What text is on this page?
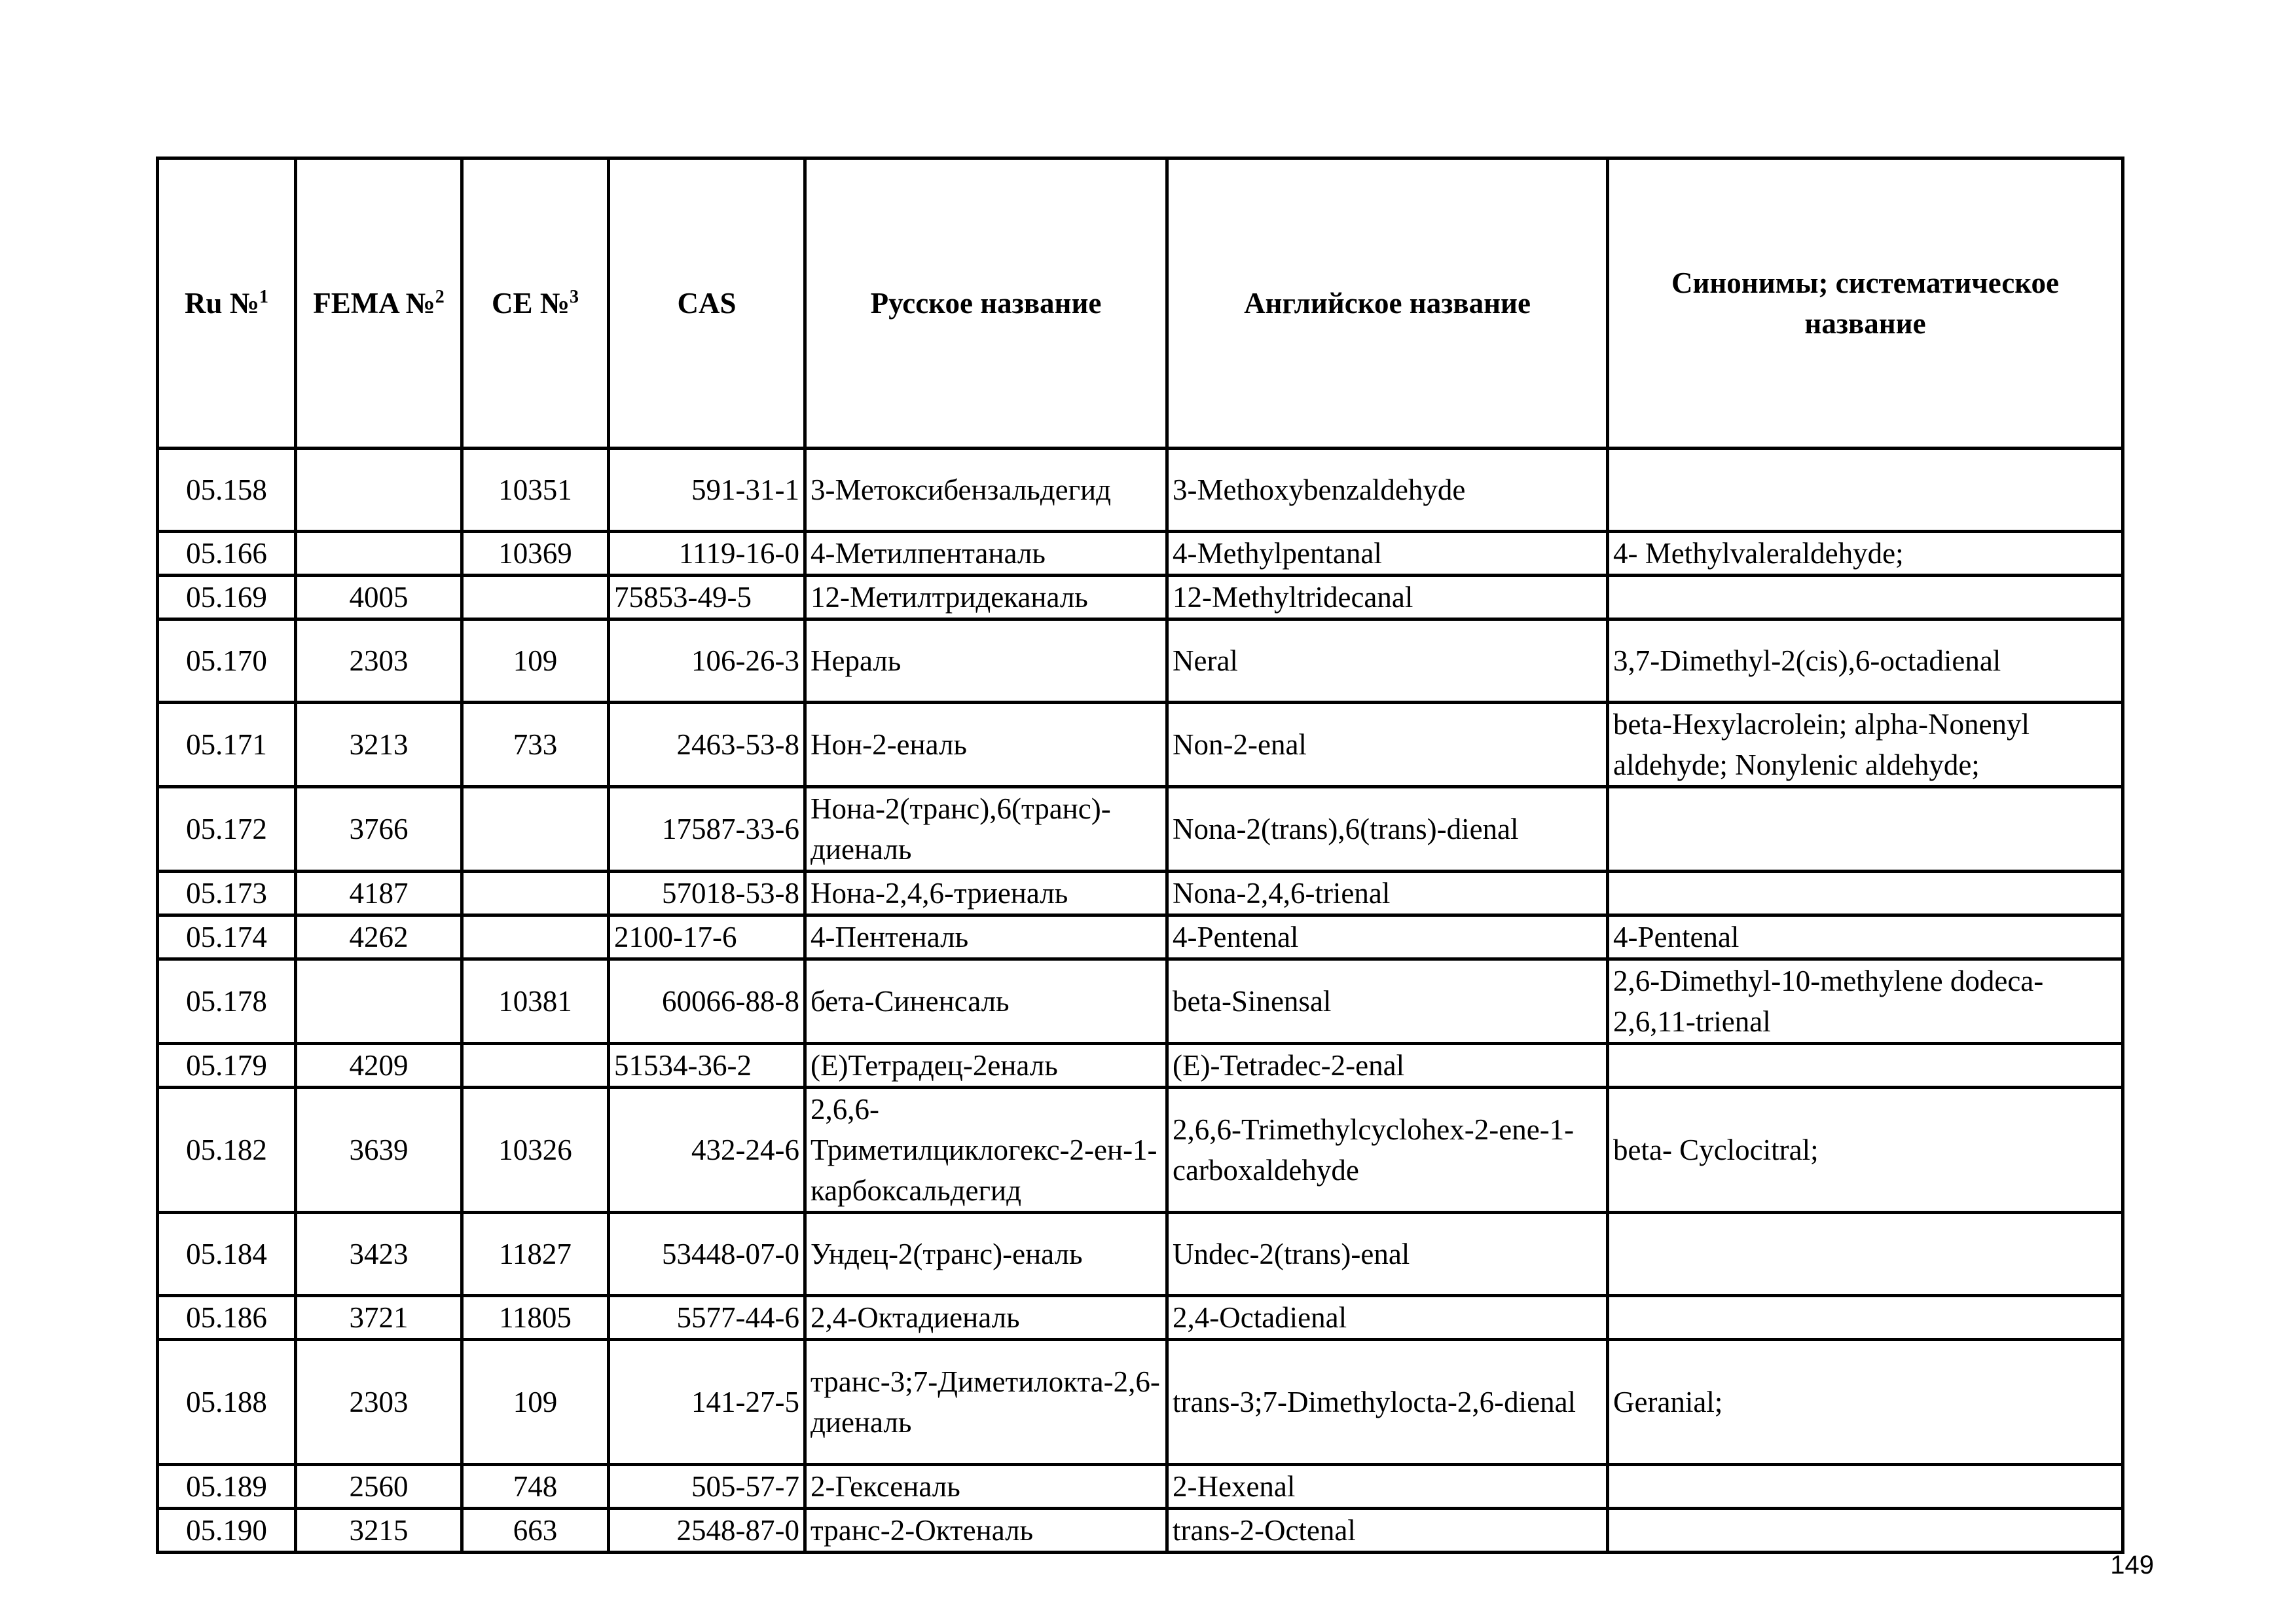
Ru №$^1$	FEMA №$^2$	CE №$^3$	CAS	Русское название	Английское название	Синонимы; систематическое название
05.158		10351	591-31-1	3-Метоксибензальдегид	3-Methoxybenzaldehyde	
05.166		10369	1119-16-0	4-Метилпентаналь	4-Methylpentanal	4- Methylvaleraldehyde;
05.169	4005		75853-49-5	12-Метилтридеканаль	12-Methyltridecanal	
05.170	2303	109	106-26-3	Нераль	Neral	3,7-Dimethyl-2(cis),6-octadienal
05.171	3213	733	2463-53-8	Нон-2-еналь	Non-2-enal	beta-Hexylacrolein; alpha-Nonenyl aldehyde; Nonylenic aldehyde;
05.172	3766		17587-33-6	Нона-2(транс),6(транс)-диеналь	Nona-2(trans),6(trans)-dienal	
05.173	4187		57018-53-8	Нона-2,4,6-триеналь	Nona-2,4,6-trienal	
05.174	4262		2100-17-6	4-Пентеналь	4-Pentenal	4-Pentenal
05.178		10381	60066-88-8	бета-Синенсаль	beta-Sinensal	2,6-Dimethyl-10-methylene dodeca-2,6,11-trienal
05.179	4209		51534-36-2	(E)Тетрадец-2еналь	(E)-Tetradec-2-enal	
05.182	3639	10326	432-24-6	2,6,6-Триметилциклогекс-2-ен-1-карбоксальдегид	2,6,6-Trimethylcyclohex-2-ene-1-carboxaldehyde	beta- Cyclocitral;
05.184	3423	11827	53448-07-0	Ундец-2(транс)-еналь	Undec-2(trans)-enal	
05.186	3721	11805	5577-44-6	2,4-Октадиеналь	2,4-Octadienal	
05.188	2303	109	141-27-5	транс-3;7-Диметилокта-2,6-диеналь	trans-3;7-Dimethylocta-2,6-dienal	Geranial;
05.189	2560	748	505-57-7	2-Гексеналь	2-Hexenal	
05.190	3215	663	2548-87-0	транс-2-Октеналь	trans-2-Octenal	
149
